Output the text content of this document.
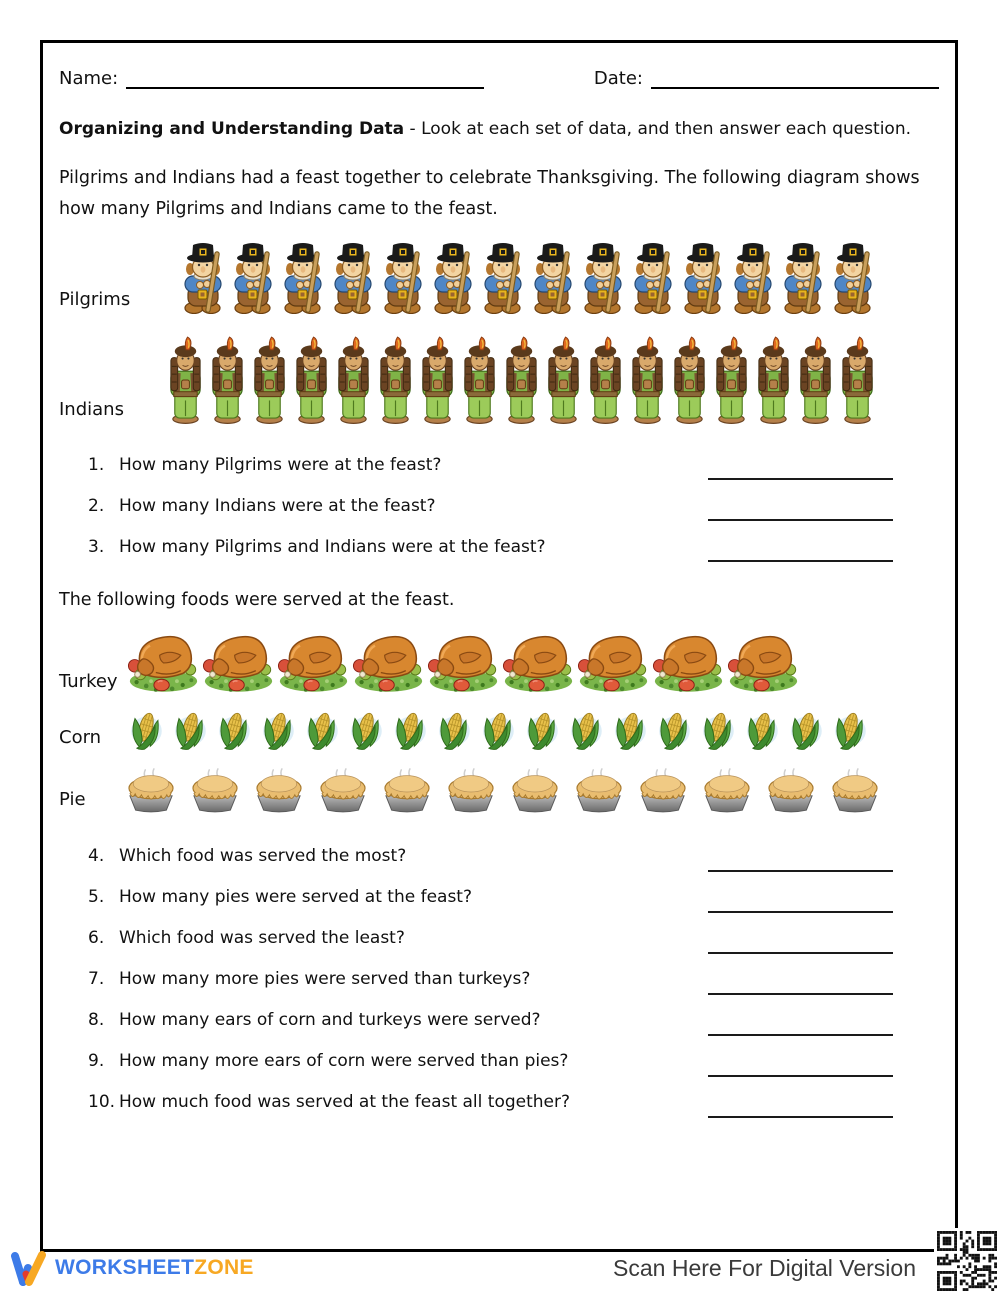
Name:	Date:
Organizing and Understanding Data - Look at each set of data, and then answer each question.
Pilgrims and Indians had a feast together to celebrate Thanksgiving. The following diagram shows how many Pilgrims and Indians came to the feast.
Pilgrims
Indians
1. How many Pilgrims were at the feast?
2. How many Indians were at the feast?
3. How many Pilgrims and Indians were at the feast?
The following foods were served at the feast.
Turkey
Corn
Pie
4. Which food was served the most?
5. How many pies were served at the feast?
6. Which food was served the least?
7. How many more pies were served than turkeys?
8. How many ears of corn and turkeys were served?
9. How many more ears of corn were served than pies?
10. How much food was served at the feast all together?
WORKSHEETZONE	Scan Here For Digital Version
